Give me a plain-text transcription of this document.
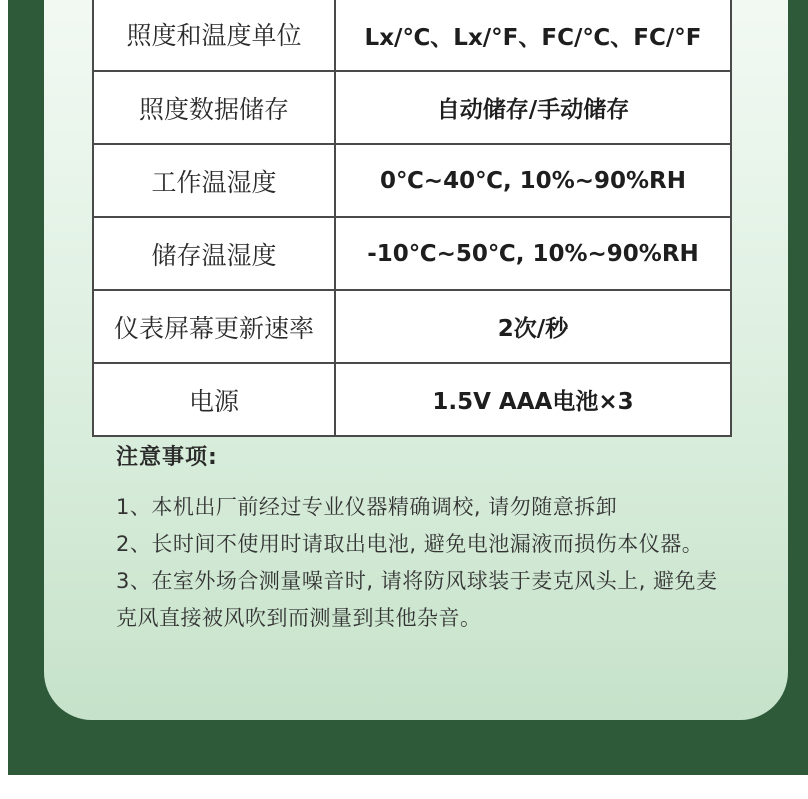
照度和温度单位	Lx/℃、Lx/°F、FC/℃、FC/°F
照度数据储存	自动储存/手动储存
工作温湿度	0℃~40℃, 10%~90%RH
储存温湿度	-10℃~50℃, 10%~90%RH
仪表屏幕更新速率	2次/秒
电源	1.5V AAA电池×3
注意事项:

1、本机出厂前经过专业仪器精确调校, 请勿随意拆卸

2、长时间不使用时请取出电池, 避免电池漏液而损伤本仪器。

3、在室外场合测量噪音时, 请将防风球装于麦克风头上, 避免麦克风直接被风吹到而测量到其他杂音。
